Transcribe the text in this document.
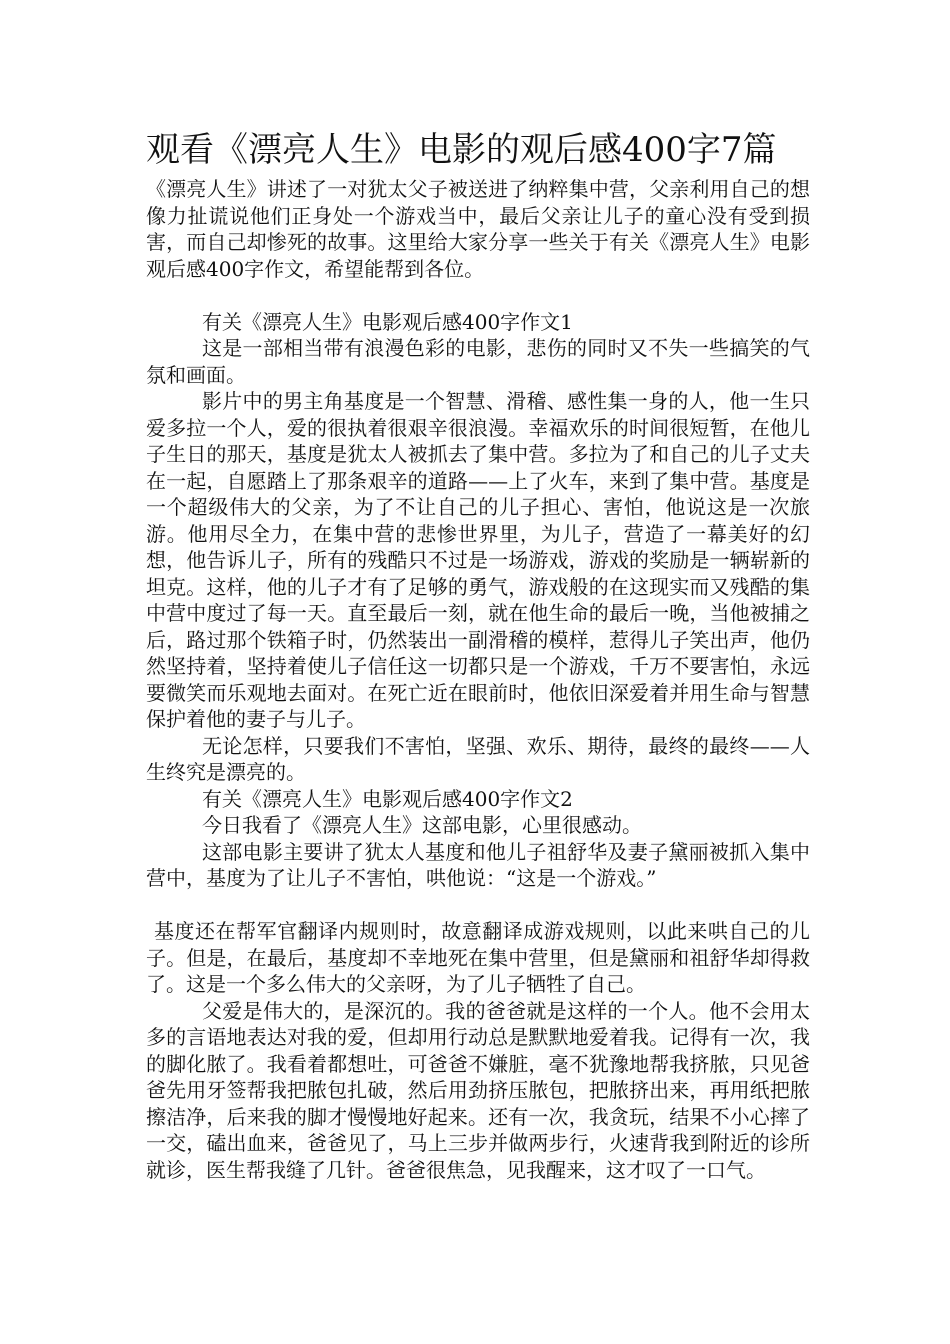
观看《漂亮人生》电影的观后感400字7篇

《漂亮人生》讲述了一对犹太父子被送进了纳粹集中营，父亲利用自己的想像力扯谎说他们正身处一个游戏当中，最后父亲让儿子的童心没有受到损害，而自己却惨死的故事。这里给大家分享一些关于有关《漂亮人生》电影观后感400字作文，希望能帮到各位。

有关《漂亮人生》电影观后感400字作文1

这是一部相当带有浪漫色彩的电影，悲伤的同时又不失一些搞笑的气氛和画面。

影片中的男主角基度是一个智慧、滑稽、感性集一身的人，他一生只爱多拉一个人，爱的很执着很艰辛很浪漫。幸福欢乐的时间很短暂，在他儿子生日的那天，基度是犹太人被抓去了集中营。多拉为了和自己的儿子丈夫在一起，自愿踏上了那条艰辛的道路——上了火车，来到了集中营。基度是一个超级伟大的父亲，为了不让自己的儿子担心、害怕，他说这是一次旅游。他用尽全力，在集中营的悲惨世界里，为儿子，营造了一幕美好的幻想，他告诉儿子，所有的残酷只不过是一场游戏，游戏的奖励是一辆崭新的坦克。这样，他的儿子才有了足够的勇气，游戏般的在这现实而又残酷的集中营中度过了每一天。直至最后一刻，就在他生命的最后一晚，当他被捕之后，路过那个铁箱子时，仍然装出一副滑稽的模样，惹得儿子笑出声，他仍然坚持着，坚持着使儿子信任这一切都只是一个游戏，千万不要害怕，永远要微笑而乐观地去面对。在死亡近在眼前时，他依旧深爱着并用生命与智慧保护着他的妻子与儿子。

无论怎样，只要我们不害怕，坚强、欢乐、期待，最终的最终——人生终究是漂亮的。

有关《漂亮人生》电影观后感400字作文2

今日我看了《漂亮人生》这部电影，心里很感动。

这部电影主要讲了犹太人基度和他儿子祖舒华及妻子黛丽被抓入集中营中，基度为了让儿子不害怕，哄他说：“这是一个游戏。”

基度还在帮军官翻译内规则时，故意翻译成游戏规则，以此来哄自己的儿子。但是，在最后，基度却不幸地死在集中营里，但是黛丽和祖舒华却得救了。这是一个多么伟大的父亲呀，为了儿子牺牲了自己。

父爱是伟大的，是深沉的。我的爸爸就是这样的一个人。他不会用太多的言语地表达对我的爱，但却用行动总是默默地爱着我。记得有一次，我的脚化脓了。我看着都想吐，可爸爸不嫌脏，毫不犹豫地帮我挤脓，只见爸爸先用牙签帮我把脓包扎破，然后用劲挤压脓包，把脓挤出来，再用纸把脓擦洁净，后来我的脚才慢慢地好起来。还有一次，我贪玩，结果不小心摔了一交，磕出血来，爸爸见了，马上三步并做两步行，火速背我到附近的诊所就诊，医生帮我缝了几针。爸爸很焦急，见我醒来，这才叹了一口气。
